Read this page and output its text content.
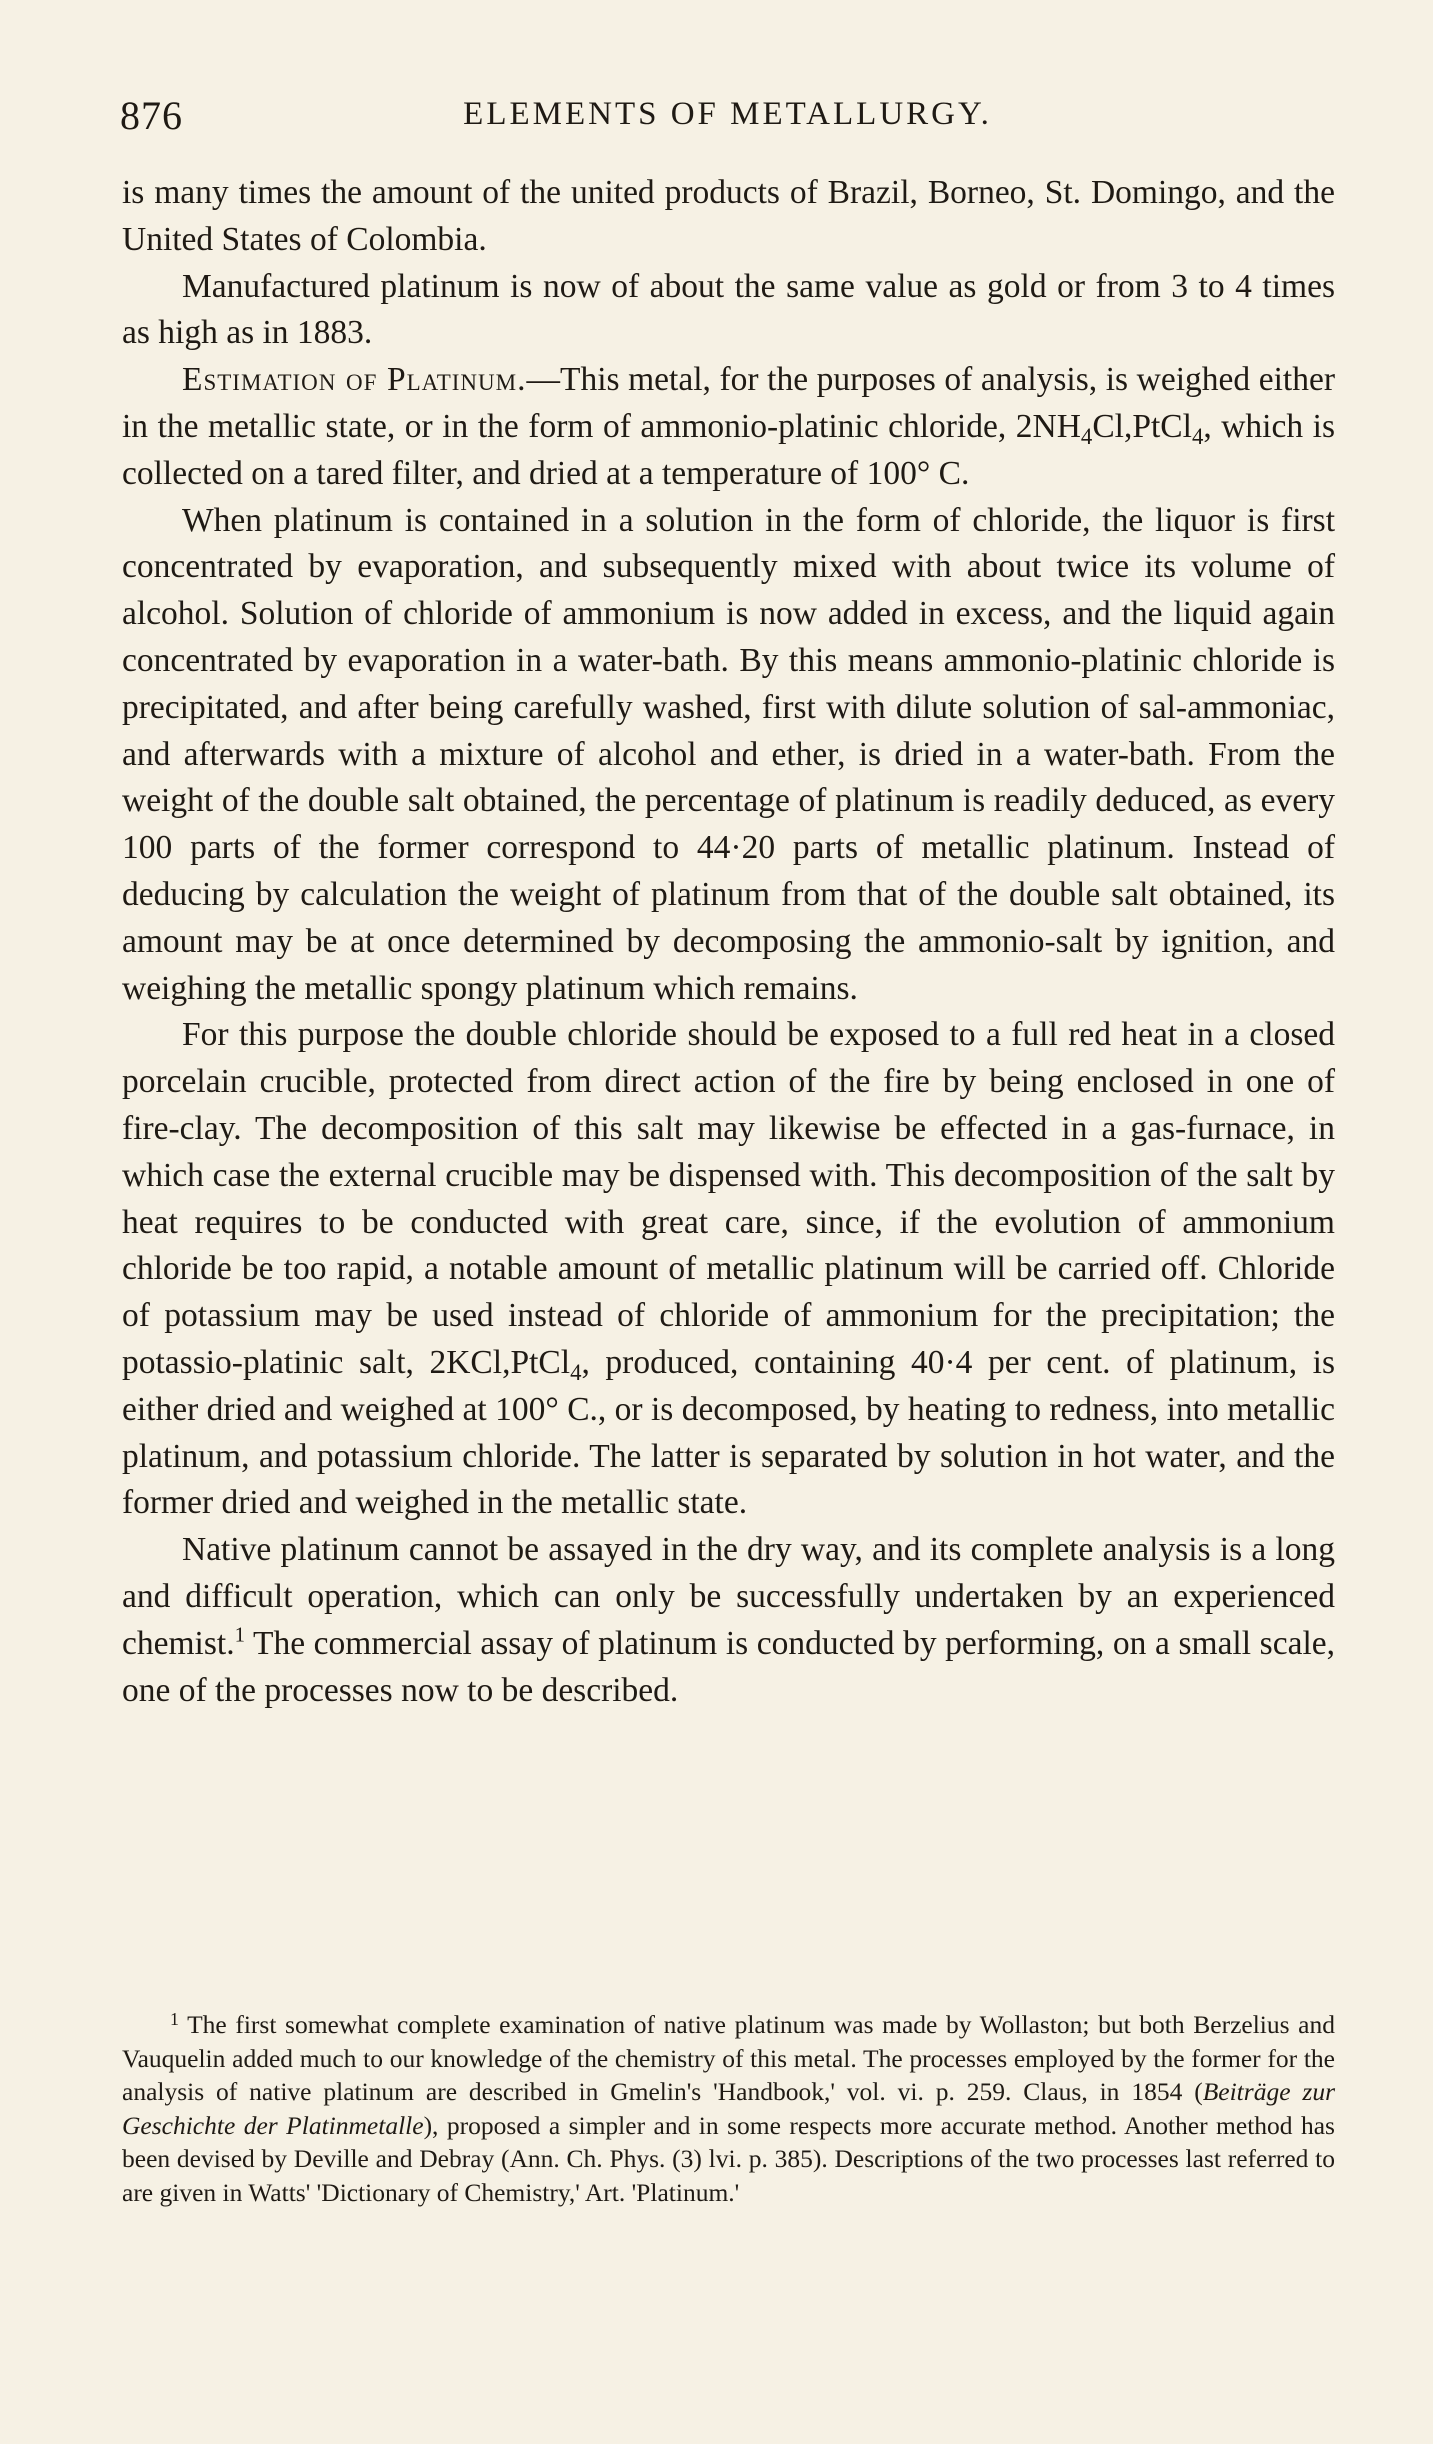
876	ELEMENTS OF METALLURGY.

is many times the amount of the united products of Brazil, Borneo, St. Domingo, and the United States of Colombia.

Manufactured platinum is now of about the same value as gold or from 3 to 4 times as high as in 1883.

Estimation of Platinum.—This metal, for the purposes of analysis, is weighed either in the metallic state, or in the form of ammonio-platinic chloride, $2NH_4Cl,PtCl_4$, which is collected on a tared filter, and dried at a temperature of 100° C.

When platinum is contained in a solution in the form of chloride, the liquor is first concentrated by evaporation, and subsequently mixed with about twice its volume of alcohol. Solution of chloride of ammonium is now added in excess, and the liquid again concentrated by evaporation in a water-bath. By this means ammonio-platinic chloride is precipitated, and after being carefully washed, first with dilute solution of sal-ammoniac, and afterwards with a mixture of alcohol and ether, is dried in a water-bath. From the weight of the double salt obtained, the percentage of platinum is readily deduced, as every 100 parts of the former correspond to 44·20 parts of metallic platinum. Instead of deducing by calculation the weight of platinum from that of the double salt obtained, its amount may be at once determined by decomposing the ammonio-salt by ignition, and weighing the metallic spongy platinum which remains.

For this purpose the double chloride should be exposed to a full red heat in a closed porcelain crucible, protected from direct action of the fire by being enclosed in one of fire-clay. The decomposition of this salt may likewise be effected in a gas-furnace, in which case the external crucible may be dispensed with. This decomposition of the salt by heat requires to be conducted with great care, since, if the evolution of ammonium chloride be too rapid, a notable amount of metallic platinum will be carried off. Chloride of potassium may be used instead of chloride of ammonium for the precipitation; the potassio-platinic salt, 2KCl,PtCl$_4$, produced, containing 40·4 per cent. of platinum, is either dried and weighed at 100° C., or is decomposed, by heating to redness, into metallic platinum, and potassium chloride. The latter is separated by solution in hot water, and the former dried and weighed in the metallic state.

Native platinum cannot be assayed in the dry way, and its complete analysis is a long and difficult operation, which can only be successfully undertaken by an experienced chemist.$^1$ The commercial assay of platinum is conducted by performing, on a small scale, one of the processes now to be described.

$^1$ The first somewhat complete examination of native platinum was made by Wollaston; but both Berzelius and Vauquelin added much to our knowledge of the chemistry of this metal. The processes employed by the former for the analysis of native platinum are described in Gmelin's 'Handbook,' vol. vi. p. 259. Claus, in 1854 (Beiträge zur Geschichte der Platinmetalle), proposed a simpler and in some respects more accurate method. Another method has been devised by Deville and Debray (Ann. Ch. Phys. (3) lvi. p. 385). Descriptions of the two processes last referred to are given in Watts' 'Dictionary of Chemistry,' Art. 'Platinum.'
